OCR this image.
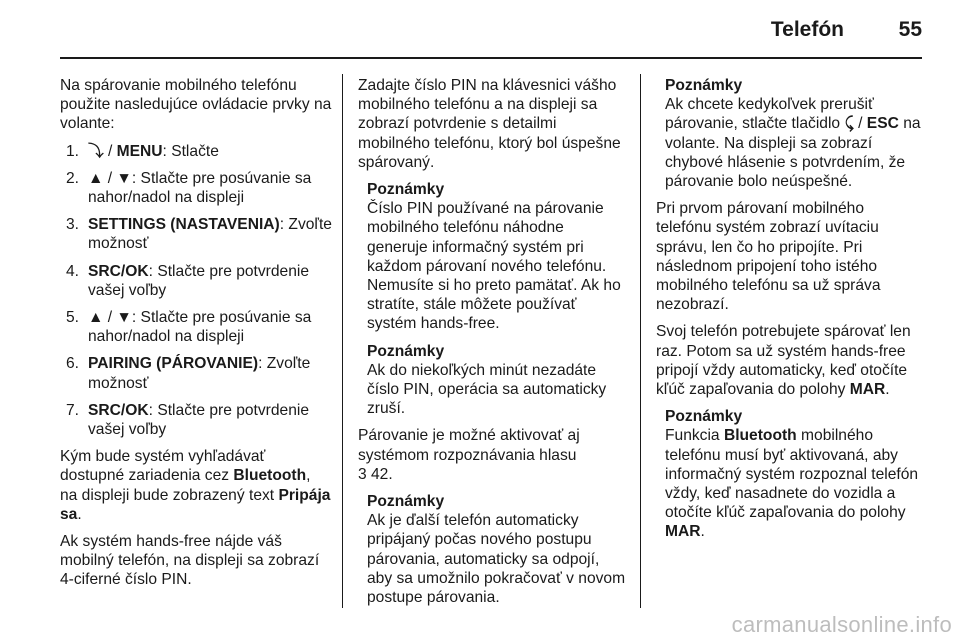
Telefón	55

Na spárovanie mobilného telefónu použite nasledujúce ovládacie prvky na volante:

1. ⤵ / MENU: Stlačte
2. ▲ / ▼: Stlačte pre posúvanie sa nahor/nadol na displeji
3. SETTINGS (NASTAVENIA): Zvoľte možnosť
4. SRC/OK: Stlačte pre potvrdenie vašej voľby
5. ▲ / ▼: Stlačte pre posúvanie sa nahor/nadol na displeji
6. PAIRING (PÁROVANIE): Zvoľte možnosť
7. SRC/OK: Stlačte pre potvrdenie vašej voľby

Kým bude systém vyhľadávať dostupné zariadenia cez Bluetooth, na displeji bude zobrazený text Pripája sa.

Ak systém hands-free nájde váš mobilný telefón, na displeji sa zobrazí 4-ciferné číslo PIN.

Zadajte číslo PIN na klávesnici vášho mobilného telefónu a na displeji sa zobrazí potvrdenie s detailmi mobilného telefónu, ktorý bol úspešne spárovaný.

Poznámky
Číslo PIN používané na párovanie mobilného telefónu náhodne generuje informačný systém pri každom párovaní nového telefónu. Nemusíte si ho preto pamätať. Ak ho stratíte, stále môžete používať systém hands-free.
Poznámky
Ak do niekoľkých minút nezadáte číslo PIN, operácia sa automaticky zruší.

Párovanie je možné aktivovať aj systémom rozpoznávania hlasu
3 42.

Poznámky
Ak je ďalší telefón automaticky pripájaný počas nového postupu párovania, automaticky sa odpojí, aby sa umožnilo pokračovať v novom postupe párovania.
Poznámky
Ak chcete kedykoľvek prerušiť párovanie, stlačte tlačidlo ⤹ / ESC na volante. Na displeji sa zobrazí chybové hlásenie s potvrdením, že párovanie bolo neúspešné.

Pri prvom párovaní mobilného telefónu systém zobrazí uvítaciu správu, len čo ho pripojíte. Pri následnom pripojení toho istého mobilného telefónu sa už správa nezobrazí.

Svoj telefón potrebujete spárovať len raz. Potom sa už systém hands-free pripojí vždy automaticky, keď otočíte kľúč zapaľovania do polohy MAR.

Poznámky
Funkcia Bluetooth mobilného telefónu musí byť aktivovaná, aby informačný systém rozpoznal telefón vždy, keď nasadnete do vozidla a otočíte kľúč zapaľovania do polohy MAR.
carmanualsonline.info
